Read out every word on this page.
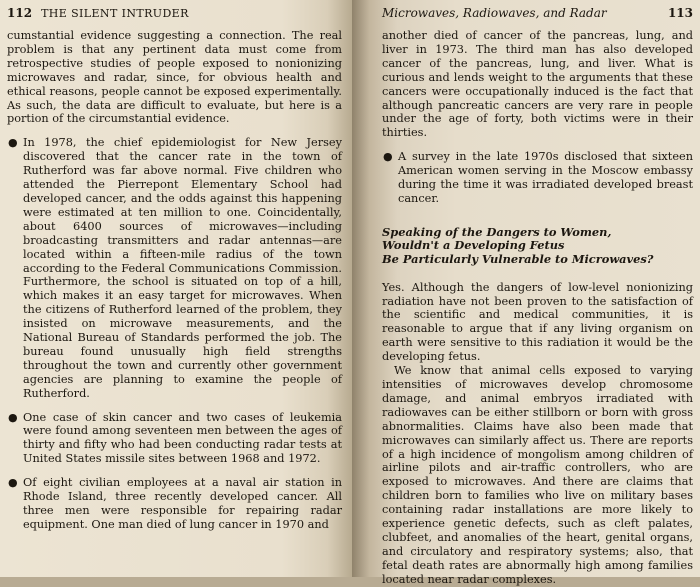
112 THE SILENT INTRUDER

cumstantial evidence suggesting a connection. The real problem is that any pertinent data must come from retrospective studies of people exposed to nonionizing microwaves and radar, since, for obvious health and ethical reasons, people cannot be exposed experimentally. As such, the data are difficult to evaluate, but here is a portion of the circumstantial evidence.

● In 1978, the chief epidemiologist for New Jersey discovered that the cancer rate in the town of Rutherford was far above normal. Five children who attended the Pierrepont Elementary School had developed cancer, and the odds against this happening were estimated at ten million to one. Coincidentally, about 6400 sources of microwaves—including broadcasting transmitters and radar antennas—are located within a fifteen-mile radius of the town according to the Federal Communications Commission. Furthermore, the school is situated on top of a hill, which makes it an easy target for microwaves. When the citizens of Rutherford learned of the problem, they insisted on microwave measurements, and the National Bureau of Standards performed the job. The bureau found unusually high field strengths throughout the town and currently other government agencies are planning to examine the people of Rutherford.
● One case of skin cancer and two cases of leukemia were found among seventeen men between the ages of thirty and fifty who had been conducting radar tests at United States missile sites between 1968 and 1972.
● Of eight civilian employees at a naval air station in Rhode Island, three recently developed cancer. All three men were responsible for repairing radar equipment. One man died of lung cancer in 1970 and
Microwaves, Radiowaves, and Radar	113

another died of cancer of the pancreas, lung, and liver in 1973. The third man has also developed cancer of the pancreas, lung, and liver. What is curious and lends weight to the arguments that these cancers were occupationally induced is the fact that although pancreatic cancers are very rare in people under the age of forty, both victims were in their thirties.

● A survey in the late 1970s disclosed that sixteen American women serving in the Moscow embassy during the time it was irradiated developed breast cancer.
Speaking of the Dangers to Women,
Wouldn't a Developing Fetus
Be Particularly Vulnerable to Microwaves?

Yes. Although the dangers of low-level nonionizing radiation have not been proven to the satisfaction of the scientific and medical communities, it is reasonable to argue that if any living organism on earth were sensitive to this radiation it would be the developing fetus.

We know that animal cells exposed to varying intensities of microwaves develop chromosome damage, and animal embryos irradiated with radiowaves can be either stillborn or born with gross abnormalities. Claims have also been made that microwaves can similarly affect us. There are reports of a high incidence of mongolism among children of airline pilots and air-traffic controllers, who are exposed to microwaves. And there are claims that children born to families who live on military bases containing radar installations are more likely to experience genetic defects, such as cleft palates, clubfeet, and anomalies of the heart, genital organs, and circulatory and respiratory systems; also, that fetal death rates are abnormally high among families located near radar complexes.
